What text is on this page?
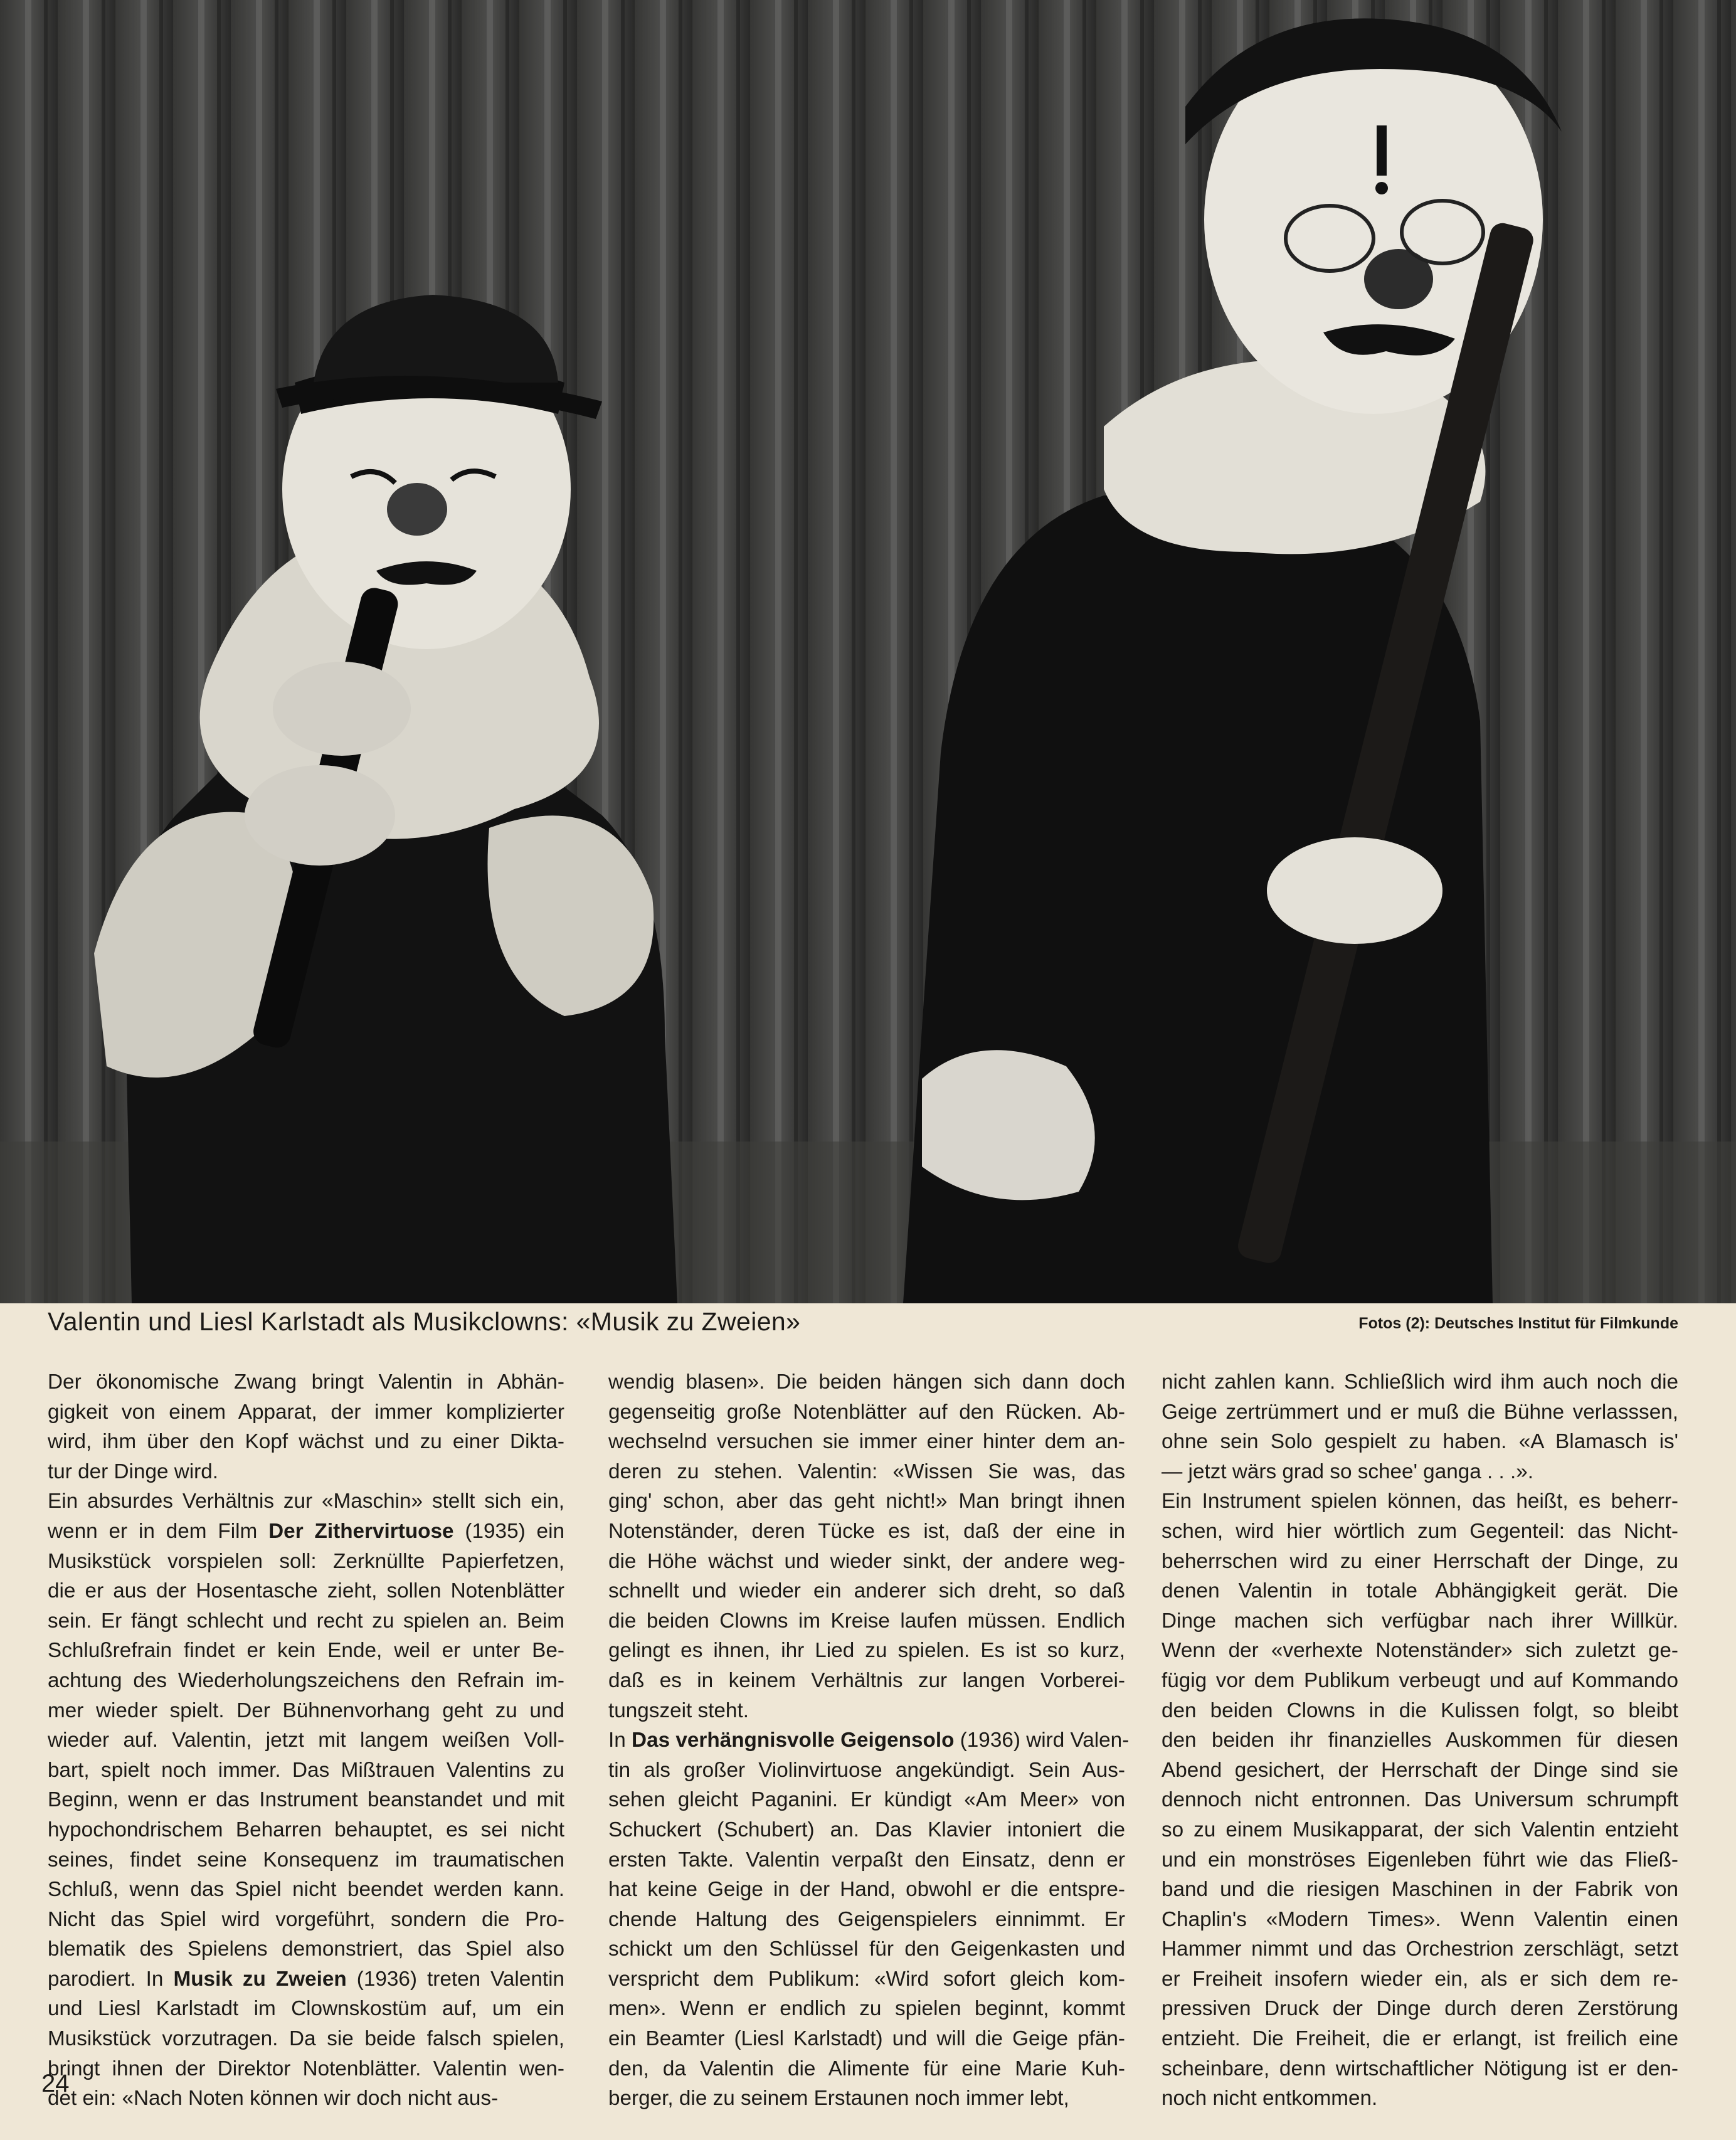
Valentin und Liesl Karlstadt als Musikclowns: «Musik zu Zweien»	Fotos (2): Deutsches Institut für Filmkunde

Der ökonomische Zwang bringt Valentin in Abhän-
gigkeit von einem Apparat, der immer komplizierter
wird, ihm über den Kopf wächst und zu einer Dikta-
tur der Dinge wird.

Ein absurdes Verhältnis zur «Maschin» stellt sich ein,
wenn er in dem Film Der Zithervirtuose (1935) ein
Musikstück vorspielen soll: Zerknüllte Papierfetzen,
die er aus der Hosentasche zieht, sollen Notenblätter
sein. Er fängt schlecht und recht zu spielen an. Beim
Schlußrefrain findet er kein Ende, weil er unter Be-
achtung des Wiederholungszeichens den Refrain im-
mer wieder spielt. Der Bühnenvorhang geht zu und
wieder auf. Valentin, jetzt mit langem weißen Voll-
bart, spielt noch immer. Das Mißtrauen Valentins zu
Beginn, wenn er das Instrument beanstandet und mit
hypochondrischem Beharren behauptet, es sei nicht
seines, findet seine Konsequenz im traumatischen
Schluß, wenn das Spiel nicht beendet werden kann.
Nicht das Spiel wird vorgeführt, sondern die Pro-
blematik des Spielens demonstriert, das Spiel also
parodiert. In Musik zu Zweien (1936) treten Valentin
und Liesl Karlstadt im Clownskostüm auf, um ein
Musikstück vorzutragen. Da sie beide falsch spielen,
bringt ihnen der Direktor Notenblätter. Valentin wen-
det ein: «Nach Noten können wir doch nicht aus-

wendig blasen». Die beiden hängen sich dann doch
gegenseitig große Notenblätter auf den Rücken. Ab-
wechselnd versuchen sie immer einer hinter dem an-
deren zu stehen. Valentin: «Wissen Sie was, das
ging' schon, aber das geht nicht!» Man bringt ihnen
Notenständer, deren Tücke es ist, daß der eine in
die Höhe wächst und wieder sinkt, der andere weg-
schnellt und wieder ein anderer sich dreht, so daß
die beiden Clowns im Kreise laufen müssen. Endlich
gelingt es ihnen, ihr Lied zu spielen. Es ist so kurz,
daß es in keinem Verhältnis zur langen Vorberei-
tungszeit steht.

In Das verhängnisvolle Geigensolo (1936) wird Valen-
tin als großer Violinvirtuose angekündigt. Sein Aus-
sehen gleicht Paganini. Er kündigt «Am Meer» von
Schuckert (Schubert) an. Das Klavier intoniert die
ersten Takte. Valentin verpaßt den Einsatz, denn er
hat keine Geige in der Hand, obwohl er die entspre-
chende Haltung des Geigenspielers einnimmt. Er
schickt um den Schlüssel für den Geigenkasten und
verspricht dem Publikum: «Wird sofort gleich kom-
men». Wenn er endlich zu spielen beginnt, kommt
ein Beamter (Liesl Karlstadt) und will die Geige pfän-
den, da Valentin die Alimente für eine Marie Kuh-
berger, die zu seinem Erstaunen noch immer lebt,

nicht zahlen kann. Schließlich wird ihm auch noch die
Geige zertrümmert und er muß die Bühne verlasssen,
ohne sein Solo gespielt zu haben. «A Blamasch is'
— jetzt wärs grad so schee' ganga . . .».

Ein Instrument spielen können, das heißt, es beherr-
schen, wird hier wörtlich zum Gegenteil: das Nicht-
beherrschen wird zu einer Herrschaft der Dinge, zu
denen Valentin in totale Abhängigkeit gerät. Die
Dinge machen sich verfügbar nach ihrer Willkür.
Wenn der «verhexte Notenständer» sich zuletzt ge-
fügig vor dem Publikum verbeugt und auf Kommando
den beiden Clowns in die Kulissen folgt, so bleibt
den beiden ihr finanzielles Auskommen für diesen
Abend gesichert, der Herrschaft der Dinge sind sie
dennoch nicht entronnen. Das Universum schrumpft
so zu einem Musikapparat, der sich Valentin entzieht
und ein monströses Eigenleben führt wie das Fließ-
band und die riesigen Maschinen in der Fabrik von
Chaplin's «Modern Times». Wenn Valentin einen
Hammer nimmt und das Orchestrion zerschlägt, setzt
er Freiheit insofern wieder ein, als er sich dem re-
pressiven Druck der Dinge durch deren Zerstörung
entzieht. Die Freiheit, die er erlangt, ist freilich eine
scheinbare, denn wirtschaftlicher Nötigung ist er den-
noch nicht entkommen.

24
